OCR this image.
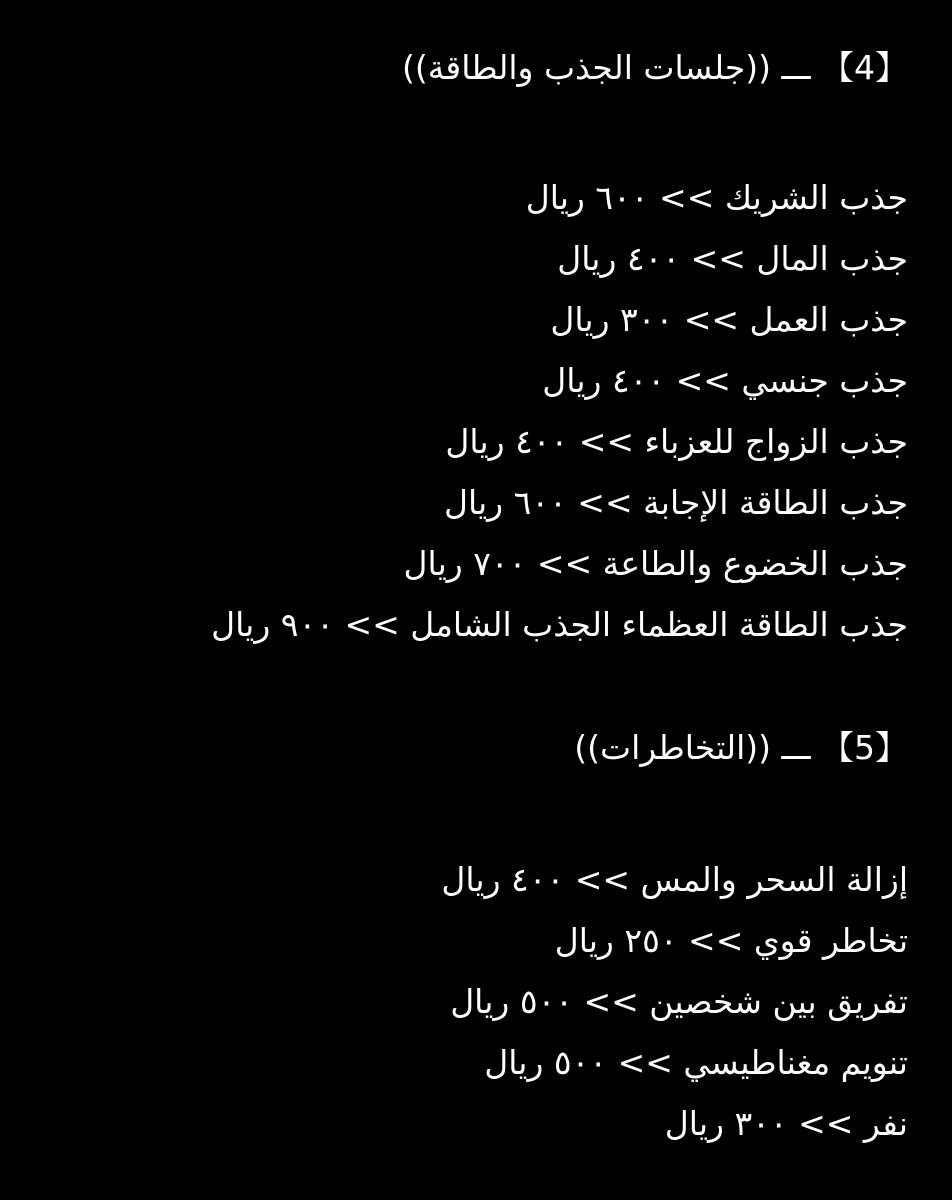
【4】 ـــ ((جلسات الجذب والطاقة))
جذب الشريك >> ٦٠٠ ريال
جذب المال >> ٤٠٠ ريال
جذب العمل >> ٣٠٠ ريال
جذب جنسي >> ٤٠٠ ريال
جذب الزواج للعزباء >> ٤٠٠ ريال
جذب الطاقة الإجابة >> ٦٠٠ ريال
جذب الخضوع والطاعة >> ٧٠٠ ريال
جذب الطاقة العظماء الجذب الشامل >> ٩٠٠ ريال
【5】 ـــ ((التخاطرات))
إزالة السحر والمس >> ٤٠٠ ريال
تخاطر قوي >> ٢٥٠ ريال
تفريق بين شخصين >> ٥٠٠ ريال
تنويم مغناطيسي >> ٥٠٠ ريال
نفر >> ٣٠٠ ريال
